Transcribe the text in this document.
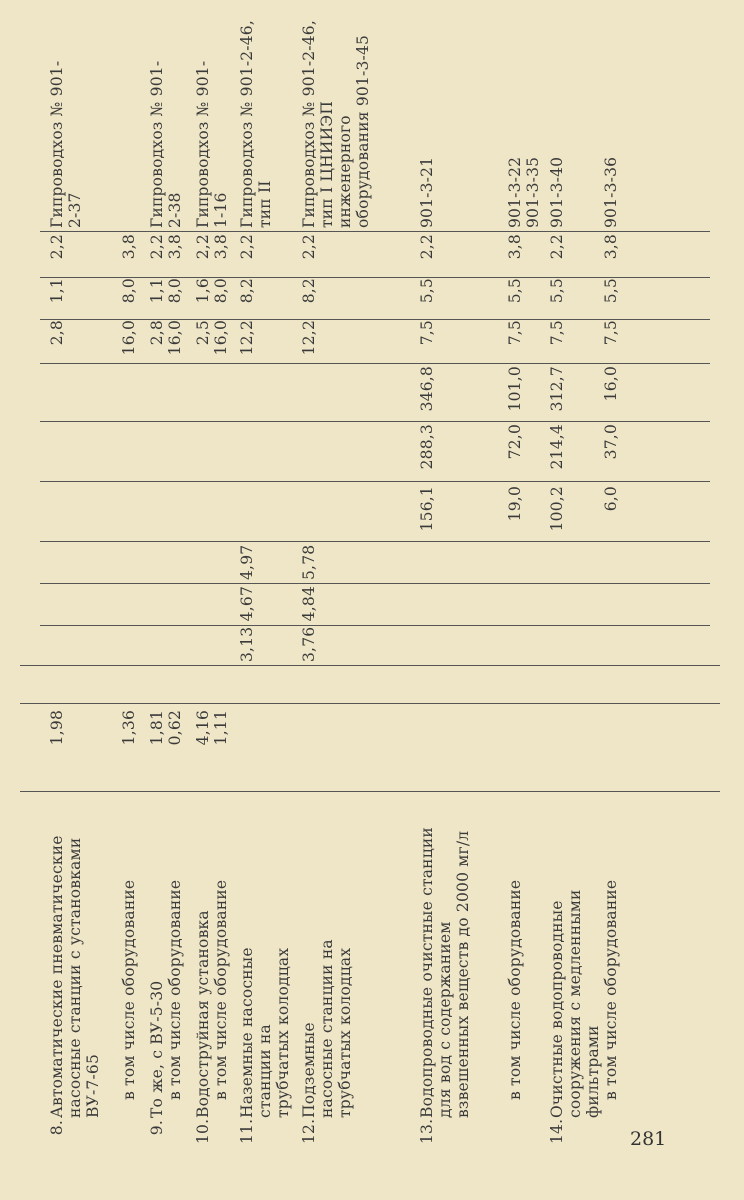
8.
Автоматические пневматические насосные станции с установками ВУ-7-65
1,98
2,8
1,1
2,2
Гипроводхоз № 901-2-37
в том числе оборудование
1,36
16,0
8,0
3,8
9.
То же, с ВУ-5-30
1,81
2,8
1,1
2,2
Гипроводхоз № 901-2-38
в том числе оборудование
0,62
16,0
8,0
3,8
10.
Водоструйная установка
4,16
2,5
1,6
2,2
Гипроводхоз № 901-1-16
в том числе оборудование
1,11
16,0
8,0
3,8
11.
Наземные насосные станции на трубчатых колодцах
3,13
4,67
4,97
12,2
8,2
2,2
Гипроводхоз № 901-2-46, тип II
12.
Подземные насосные станции на трубчатых колодцах
3,76
4,84
5,78
12,2
8,2
2,2
Гипроводхоз № 901-2-46, тип I ЦНИИЭП инженерного оборудования 901-3-45
13.
Водопроводные очистные станции для вод с содержанием взвешенных веществ до 2000 мг/л
156,1
288,3
346,8
7,5
5,5
2,2
901-3-21
в том числе оборудование
19,0
72,0
101,0
7,5
5,5
3,8
901-3-22 901-3-35
14.
Очистные водопроводные сооружения с медленными фильтрами
100,2
214,4
312,7
7,5
5,5
2,2
901-3-40
в том числе оборудование
6,0
37,0
16,0
7,5
5,5
3,8
901-3-36
281
